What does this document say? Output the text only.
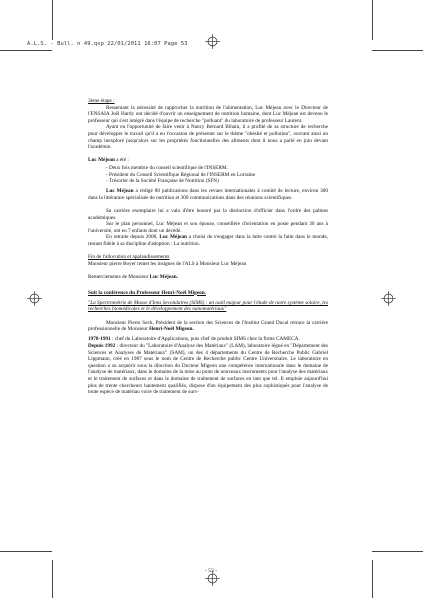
A.L.S. - Bull. n 49.qxp 22/01/2011 16:07 Page 53

3ème étape :

Ressentant la nécessité de rapprocher la nutrition de l'alimentation, Luc Méjean avec le Directeur de l'ENSAIA Joël Hardy ont décidé d'ouvrir un enseignement de nutrition humaine, dont Luc Méjean est devenu le professeur qui s'est intégré dans l'équipe de recherche "polluant" du laboratoire de professeur Laurent.

Ayant eu l'opportunité de faire venir à Nancy Bernard Bihain, il a profité de sa structure de recherche pour développer le travail qu'il a eu l'occasion de présenter sur le thème "obésité et pollution", ouvrant ainsi un champ inexploré jusqu'alors sur les propriétés fonctionnelles des aliments dont il nous a parlé en juin devant l'académie.

Luc Méjean a été :

- Deux fois membre du conseil scientifique de l'INSERM.
- Président du Conseil Scientifique Régional de l'INSERM en Lorraine
- Trésorier de la Société Française de Nutrition (SFN)

Luc Méjean a rédigé 80 publications dans les revues internationales à comité de lecture, environ 300 dans la littérature spécialisée de nutrition et 300 communications dans des réunions scientifiques.

Sa carrière exemplaire lui a valu d'être honoré par la distinction d'officier dans l'ordre des palmes académiques.

Sur le plan personnel, Luc Méjean et son épouse, conseillère d'orientation en poste pendant 30 ans à l'université, ont eu 7 enfants dont un décédé.

En retraite depuis 2008, Luc Méjean a choisi de s'engager dans la lutte contre la faim dans le monde, restant fidèle à sa discipline d'adoption : La nutrition.

Fin de l'allocution et applaudissements

Monsieur pierre Boyer remet les insignes de l'ALS à Monsieur Luc Méjean

Remerciements de Monsieur Luc Méjean.

Suit la conférence du Professeur Henri-Noël Migeon.

"La Spectrométrie de Masse d'Ions Secondaires (SIMS) : un outil majeur pour l'étude de notre système solaire, les recherches biomédicales et le développement des nanomatériaux"

Monsieur Pierre Seck, Président de la section des Sciences de l'Institut Grand Ducal retrace la carrière professionnelle de Monsieur Henri-Noël Migeon.

1978-1991 : chef du Laboratoire d'Applications, puis chef de produit SIMS chez la firme CAMECA.

Depuis 1992 : directeur du "Laboratoire d'Analyse des Matériaux" (LAM), laboratoire légué en "Département des Sciences et Analyses de Matériaux" (SAM), un des 4 départements du Centre de Recherche Public Gabriel Lippmann, créé en 1987 sous le nom de Centre de Recherche public Centre Universitaire. Le laboratoire en question a su acquérir sous la direction du Docteur Migeon une compétence internationale dans le domaine de l'analyse de matériaux, dans le domaine de la mise au point de nouveaux instruments pour l'analyse des matériaux et le traitement de surfaces et dans le domaine de traitement de surfaces en tant que tel. Il emploie aujourd'hui plus de trente chercheurs hautement qualifiés, dispose d'un équipement des plus sophistiqués pour l'analyse de toute espèce de matériau voire de traitement de surv-

- 53 -
